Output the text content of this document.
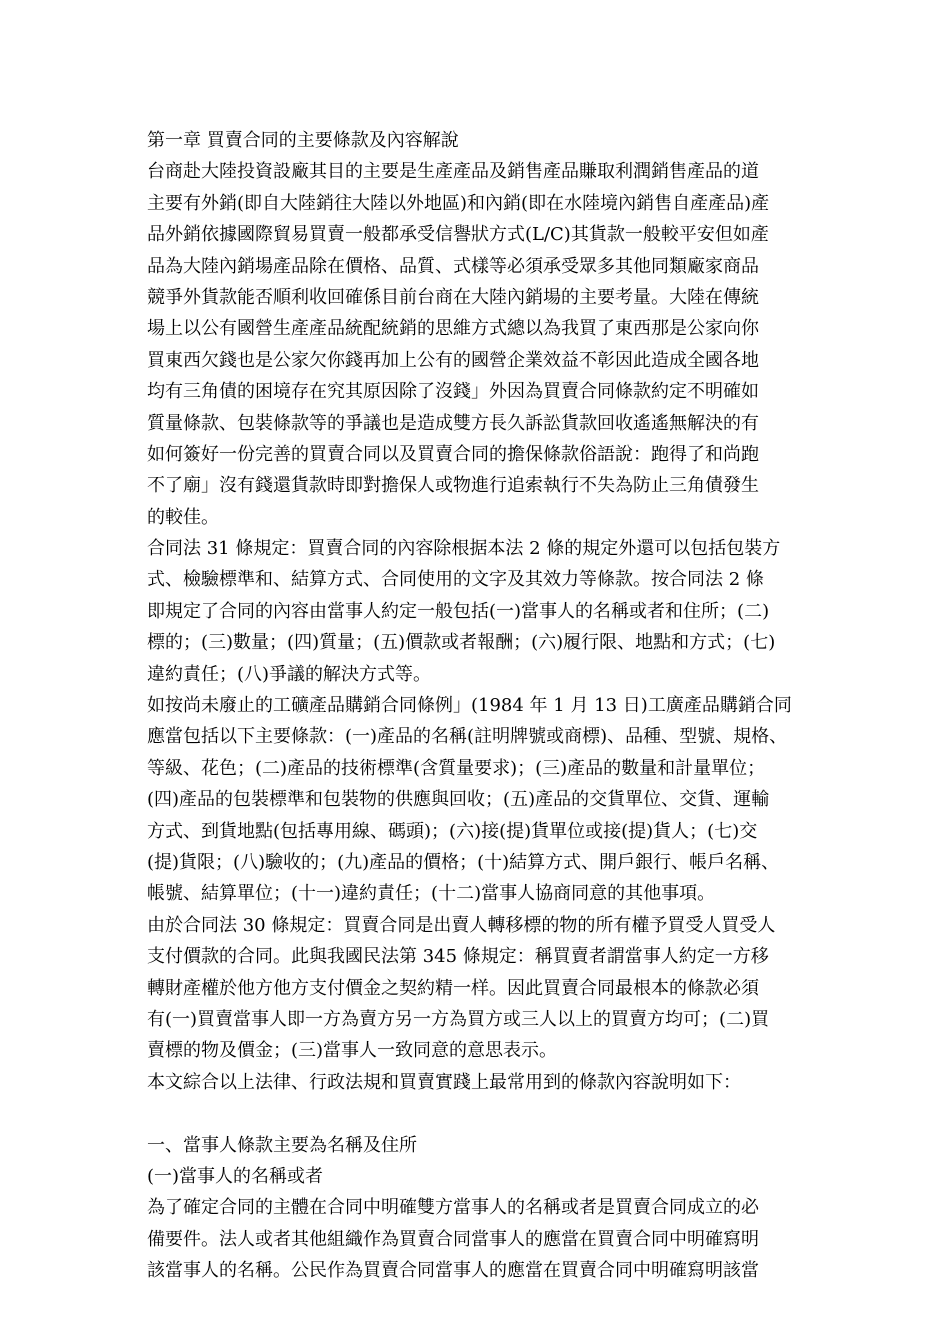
第一章 買賣合同的主要條款及內容解說
台商赴大陸投資設廠其目的主要是生產產品及銷售產品賺取利潤銷售產品的道
主要有外銷(即自大陸銷往大陸以外地區)和內銷(即在水陸境內銷售自產產品)產
品外銷依據國際貿易買賣一般都承受信譽狀方式(L/C)其貨款一般較平安但如產
品為大陸內銷場產品除在價格、品質、式樣等必須承受眾多其他同類廠家商品
競爭外貨款能否順利收回確係目前台商在大陸內銷場的主要考量。大陸在傳統
場上以公有國營生產產品統配統銷的思維方式總以為我買了東西那是公家向你
買東西欠錢也是公家欠你錢再加上公有的國營企業效益不彰因此造成全國各地
均有三角債的困境存在究其原因除了沒錢」外因為買賣合同條款約定不明確如
質量條款、包裝條款等的爭議也是造成雙方長久訴訟貨款回收遙遙無解決的有
如何簽好一份完善的買賣合同以及買賣合同的擔保條款俗語說：跑得了和尚跑
不了廟」沒有錢還貨款時即對擔保人或物進行追索執行不失為防止三角債發生
的較佳。
合同法 31 條規定：買賣合同的內容除根据本法 2 條的規定外還可以包括包裝方
式、檢驗標準和、結算方式、合同使用的文字及其效力等條款。按合同法 2 條
即規定了合同的內容由當事人約定一般包括(一)當事人的名稱或者和住所；(二)
標的；(三)數量；(四)質量；(五)價款或者報酬；(六)履行限、地點和方式；(七)
違約責任；(八)爭議的解決方式等。
如按尚未廢止的工礦產品購銷合同條例」(1984 年 1 月 13 日)工廣產品購銷合同
應當包括以下主要條款：(一)產品的名稱(註明牌號或商標)、品種、型號、規格、
等級、花色；(二)產品的技術標準(含質量要求)；(三)產品的數量和計量單位；
(四)產品的包裝標準和包裝物的供應與回收；(五)產品的交貨單位、交貨、運輸
方式、到貨地點(包括專用線、碼頭)；(六)接(提)貨單位或接(提)貨人；(七)交
(提)貨限；(八)驗收的；(九)產品的價格；(十)結算方式、開戶銀行、帳戶名稱、
帳號、結算單位；(十一)違約責任；(十二)當事人協商同意的其他事項。
由於合同法 30 條規定：買賣合同是出賣人轉移標的物的所有權予買受人買受人
支付價款的合同。此與我國民法第 345 條規定：稱買賣者謂當事人約定一方移
轉財產權於他方他方支付價金之契約精一样。因此買賣合同最根本的條款必須
有(一)買賣當事人即一方為賣方另一方為買方或三人以上的買賣方均可；(二)買
賣標的物及價金；(三)當事人一致同意的意思表示。
本文綜合以上法律、行政法規和買賣實踐上最常用到的條款內容說明如下：
一、當事人條款主要為名稱及住所
(一)當事人的名稱或者
為了確定合同的主體在合同中明確雙方當事人的名稱或者是買賣合同成立的必
備要件。法人或者其他組織作為買賣合同當事人的應當在買賣合同中明確寫明
該當事人的名稱。公民作為買賣合同當事人的應當在買賣合同中明確寫明該當
